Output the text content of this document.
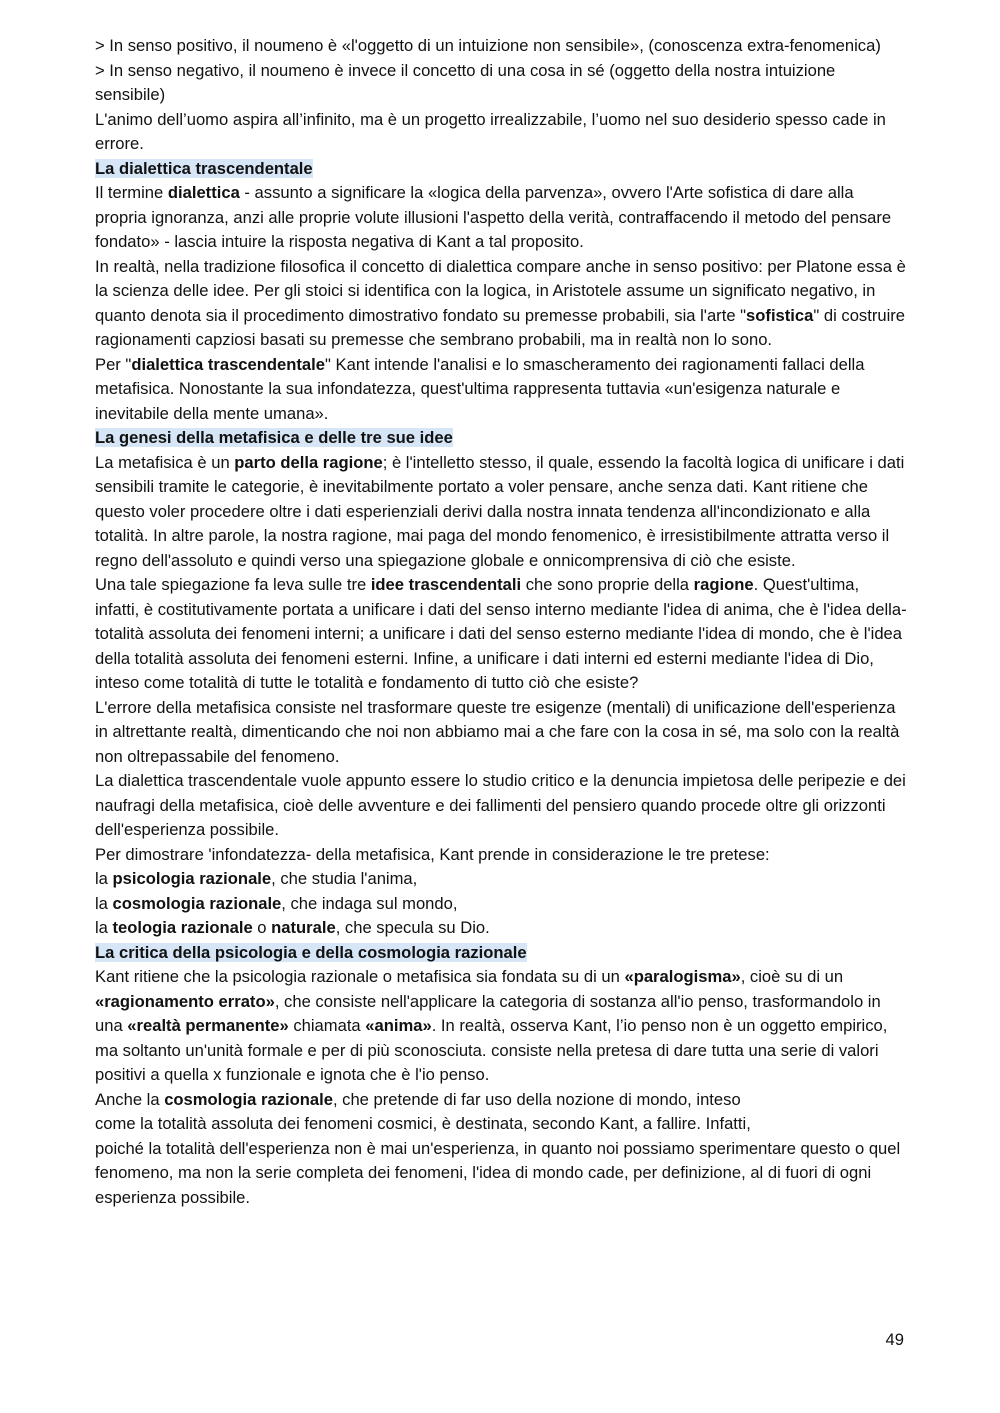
> In senso positivo, il noumeno è «l'oggetto di un intuizione non sensibile», (conoscenza extra-fenomenica)

> In senso negativo, il noumeno è invece il concetto di una cosa in sé (oggetto della nostra intuizione sensibile)

L'animo dell’uomo aspira all’infinito, ma è un progetto irrealizzabile, l’uomo nel suo desiderio spesso cade in errore.

La dialettica trascendentale

Il termine dialettica - assunto a significare la «logica della parvenza», ovvero l'Arte sofistica di dare alla propria ignoranza, anzi alle proprie volute illusioni l'aspetto della verità, contraffacendo il metodo del pensare fondato» - lascia intuire la risposta negativa di Kant a tal proposito.

In realtà, nella tradizione filosofica il concetto di dialettica compare anche in senso positivo: per Platone essa è la scienza delle idee. Per gli stoici si identifica con la logica, in Aristotele assume un significato negativo, in quanto denota sia il procedimento dimostrativo fondato su premesse probabili, sia l'arte "sofistica" di costruire ragionamenti capziosi basati su premesse che sembrano probabili, ma in realtà non lo sono.

Per "dialettica trascendentale" Kant intende l'analisi e lo smascheramento dei ragionamenti fallaci della metafisica. Nonostante la sua infondatezza, quest'ultima rappresenta tuttavia «un'esigenza naturale e inevitabile della mente umana».

La genesi della metafisica e delle tre sue idee

La metafisica è un parto della ragione; è l'intelletto stesso, il quale, essendo la facoltà logica di unificare i dati sensibili tramite le categorie, è inevitabilmente portato a voler pensare, anche senza dati. Kant ritiene che questo voler procedere oltre i dati esperienziali derivi dalla nostra innata tendenza all'incondizionato e alla totalità. In altre parole, la nostra ragione, mai paga del mondo fenomenico, è irresistibilmente attratta verso il regno dell'assoluto e quindi verso una spiegazione globale e onnicomprensiva di ciò che esiste.

Una tale spiegazione fa leva sulle tre idee trascendentali che sono proprie della ragione. Quest'ultima, infatti, è costitutivamente portata a unificare i dati del senso interno mediante l'idea di anima, che è l'idea della-totalità assoluta dei fenomeni interni; a unificare i dati del senso esterno mediante l'idea di mondo, che è l'idea della totalità assoluta dei fenomeni esterni. Infine, a unificare i dati interni ed esterni mediante l'idea di Dio, inteso come totalità di tutte le totalità e fondamento di tutto ciò che esiste?

L'errore della metafisica consiste nel trasformare queste tre esigenze (mentali) di unificazione dell'esperienza in altrettante realtà, dimenticando che noi non abbiamo mai a che fare con la cosa in sé, ma solo con la realtà non oltrepassabile del fenomeno.

La dialettica trascendentale vuole appunto essere lo studio critico e la denuncia impietosa delle peripezie e dei naufragi della metafisica, cioè delle avventure e dei fallimenti del pensiero quando procede oltre gli orizzonti dell'esperienza possibile.

Per dimostrare 'infondatezza- della metafisica, Kant prende in considerazione le tre pretese:

la psicologia razionale, che studia l'anima,

la cosmologia razionale, che indaga sul mondo,

la teologia razionale o naturale, che specula su Dio.

La critica della psicologia e della cosmologia razionale

Kant ritiene che la psicologia razionale o metafisica sia fondata su di un «paralogisma», cioè su di un «ragionamento errato», che consiste nell'applicare la categoria di sostanza all'io penso, trasformandolo in una «realtà permanente» chiamata «anima». In realtà, osserva Kant, l’io penso non è un oggetto empirico, ma soltanto un'unità formale e per di più sconosciuta. consiste nella pretesa di dare tutta una serie di valori positivi a quella x funzionale e ignota che è l'io penso.

Anche la cosmologia razionale, che pretende di far uso della nozione di mondo, inteso
come la totalità assoluta dei fenomeni cosmici, è destinata, secondo Kant, a fallire. Infatti,
poiché la totalità dell'esperienza non è mai un'esperienza, in quanto noi possiamo sperimentare questo o quel fenomeno, ma non la serie completa dei fenomeni, l'idea di mondo cade, per definizione, al di fuori di ogni esperienza possibile.

49
